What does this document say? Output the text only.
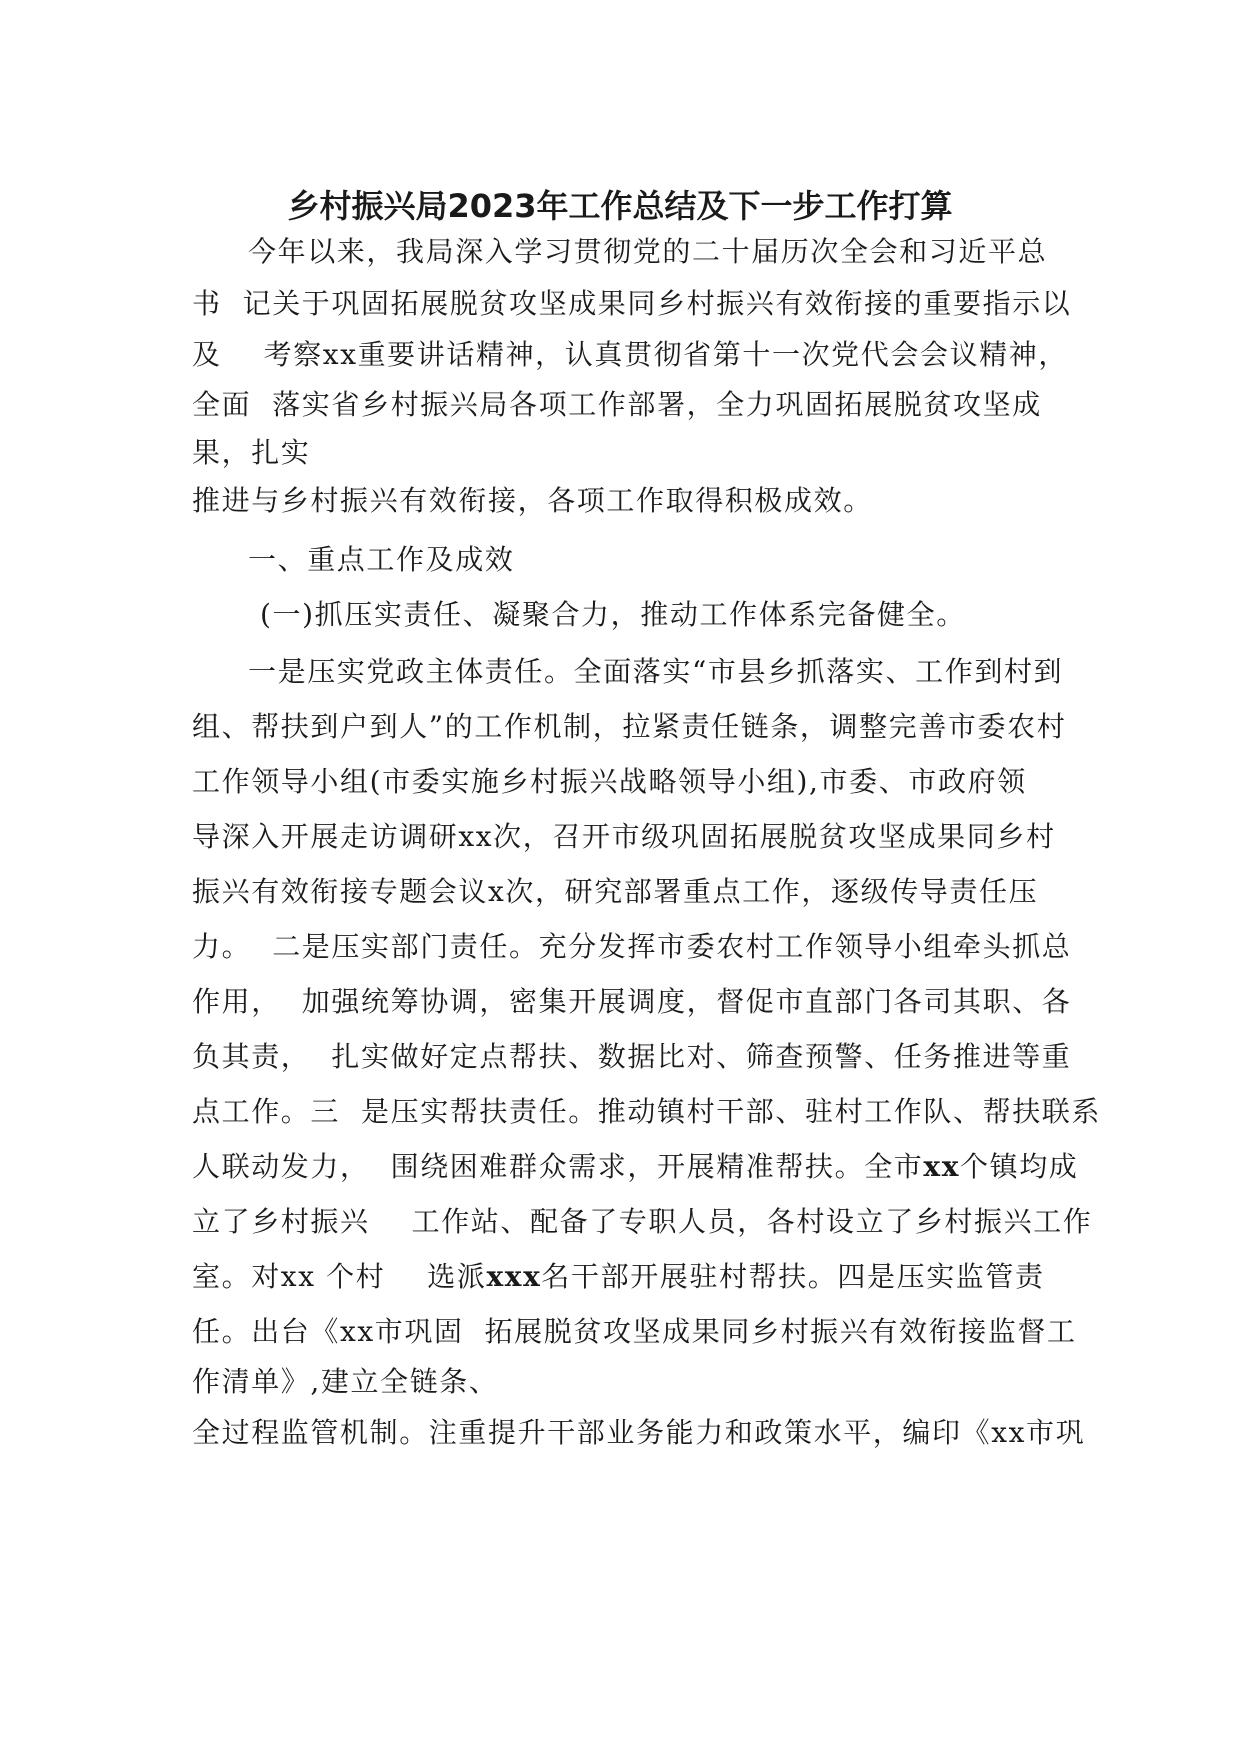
乡村振兴局2023年工作总结及下一步工作打算
今年以来，我局深入学习贯彻党的二十届历次全会和习近平总
书  记关于巩固拓展脱贫攻坚成果同乡村振兴有效衔接的重要指示以
及    考察xx重要讲话精神，认真贯彻省第十一次党代会会议精神，
全面  落实省乡村振兴局各项工作部署，全力巩固拓展脱贫攻坚成
果，扎实
推进与乡村振兴有效衔接，各项工作取得积极成效。
一、重点工作及成效
(一)抓压实责任、凝聚合力，推动工作体系完备健全。
一是压实党政主体责任。全面落实“市县乡抓落实、工作到村到
组、帮扶到户到人”的工作机制，拉紧责任链条，调整完善市委农村
工作领导小组(市委实施乡村振兴战略领导小组),市委、市政府领
导深入开展走访调研xx次，召开市级巩固拓展脱贫攻坚成果同乡村
振兴有效衔接专题会议x次，研究部署重点工作，逐级传导责任压
力。  二是压实部门责任。充分发挥市委农村工作领导小组牵头抓总
作用，  加强统筹协调，密集开展调度，督促市直部门各司其职、各
负其责，  扎实做好定点帮扶、数据比对、筛查预警、任务推进等重
点工作。三  是压实帮扶责任。推动镇村干部、驻村工作队、帮扶联系
人联动发力，  围绕困难群众需求，开展精准帮扶。全市xx个镇均成
立了乡村振兴    工作站、配备了专职人员，各村设立了乡村振兴工作
室。对xx 个村    选派xxx名干部开展驻村帮扶。四是压实监管责
任。出台《xx市巩固  拓展脱贫攻坚成果同乡村振兴有效衔接监督工
作清单》,建立全链条、
全过程监管机制。注重提升干部业务能力和政策水平，编印《xx市巩
